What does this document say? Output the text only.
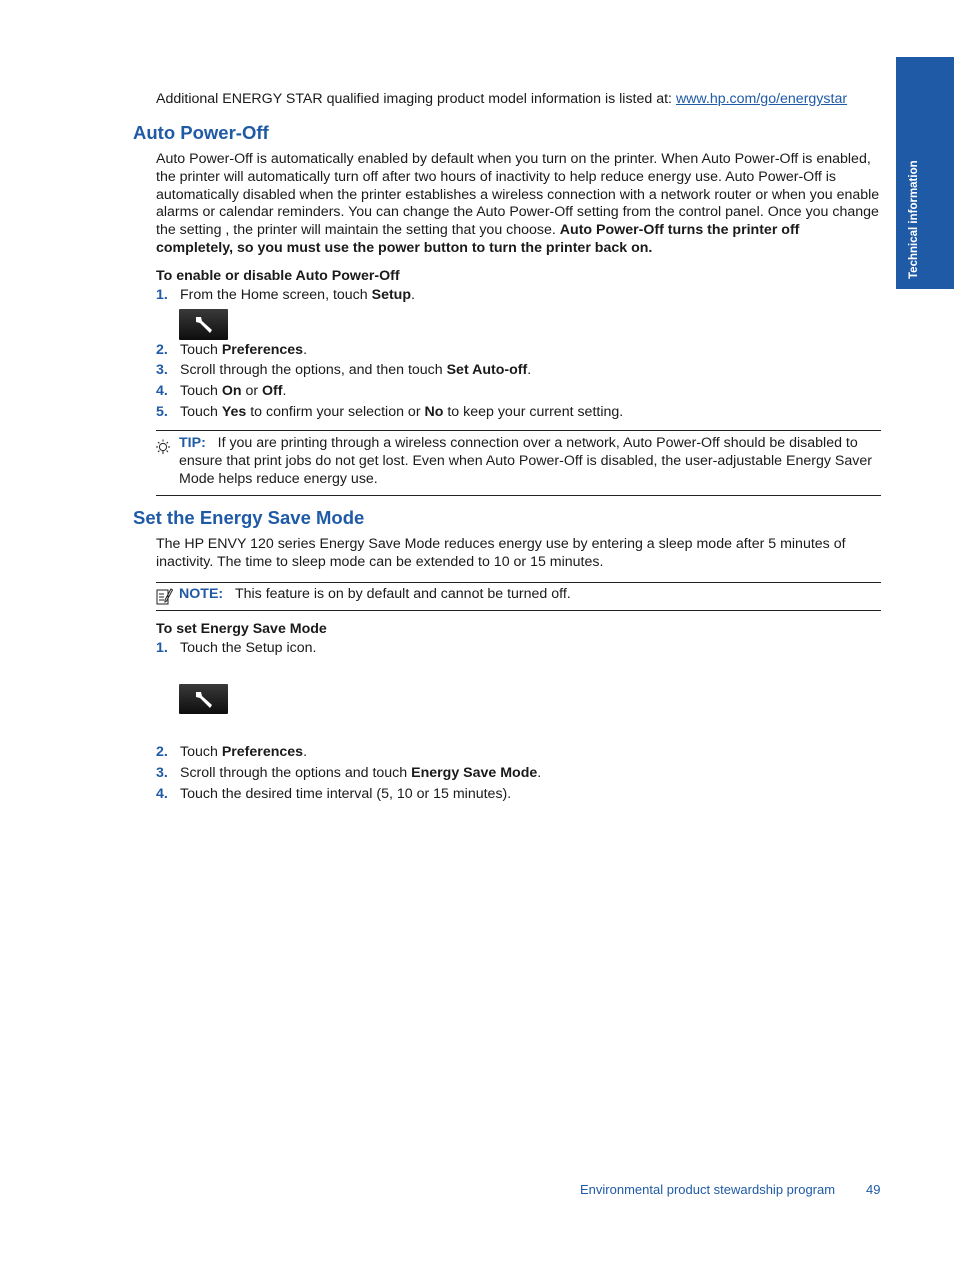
Technical information
Additional ENERGY STAR qualified imaging product model information is listed at: www.hp.com/go/energystar
Auto Power-Off
Auto Power-Off is automatically enabled by default when you turn on the printer. When Auto Power-Off is enabled, the printer will automatically turn off after two hours of inactivity to help reduce energy use. Auto Power-Off is automatically disabled when the printer establishes a wireless connection with a network router or when you enable alarms or calendar reminders. You can change the Auto Power-Off setting from the control panel. Once you change the setting , the printer will maintain the setting that you choose. Auto Power-Off turns the printer off completely, so you must use the power button to turn the printer back on.
To enable or disable Auto Power-Off
1. From the Home screen, touch Setup.
2. Touch Preferences.
3. Scroll through the options, and then touch Set Auto-off.
4. Touch On or Off.
5. Touch Yes to confirm your selection or No to keep your current setting.
TIP: If you are printing through a wireless connection over a network, Auto Power-Off should be disabled to ensure that print jobs do not get lost. Even when Auto Power-Off is disabled, the user-adjustable Energy Saver Mode helps reduce energy use.
Set the Energy Save Mode
The HP ENVY 120 series Energy Save Mode reduces energy use by entering a sleep mode after 5 minutes of inactivity. The time to sleep mode can be extended to 10 or 15 minutes.
NOTE: This feature is on by default and cannot be turned off.
To set Energy Save Mode
1. Touch the Setup icon.
2. Touch Preferences.
3. Scroll through the options and touch Energy Save Mode.
4. Touch the desired time interval (5, 10 or 15 minutes).
Environmental product stewardship program 49
